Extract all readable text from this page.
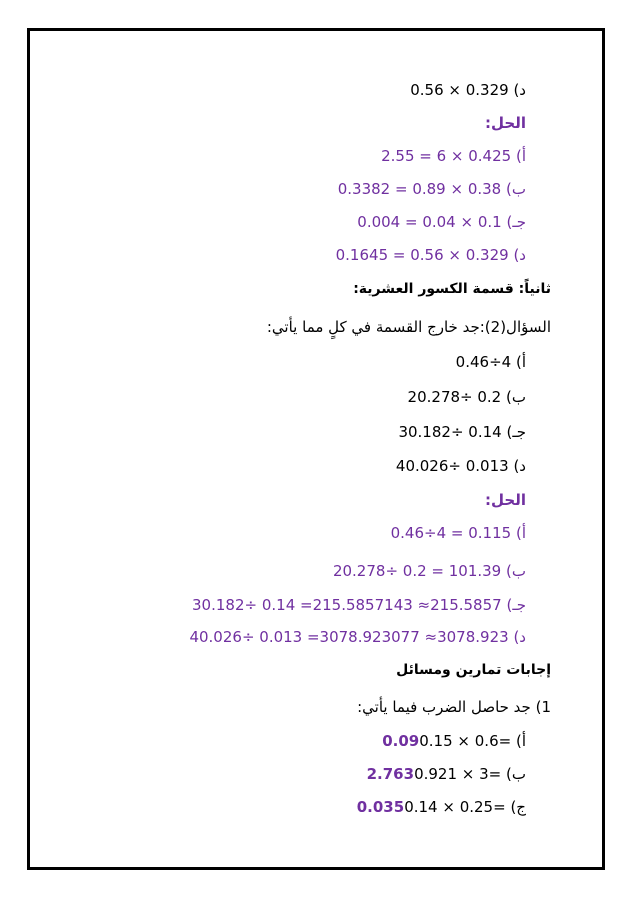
د) 0.56 × 0.329
الحل:
أ) 2.55 = 6 × 0.425
ب) 0.3382 = 0.89 × 0.38
جـ) 0.004 = 0.04 × 0.1
د) 0.1645 = 0.56 × 0.329
ثانياً: قسمة الكسور العشرية:
السؤال(2):جد خارج القسمة في كلٍ مما يأتي:
أ) 0.46÷4
ب) 20.278÷ 0.2
جـ) 30.182÷ 0.14
د) 40.026÷ 0.013
الحل:
أ) 0.46÷4 = 0.115
ب) 20.278÷ 0.2 = 101.39
جـ) 30.182÷ 0.14 =215.5857143 ≈215.5857
د) 40.026÷ 0.013 =3078.923077 ≈3078.923
إجابات تمارين ومسائل
1) جد حاصل الضرب فيما يأتي:
أ) 0.090.15 × 0.6=
ب) 2.7630.921 × 3=
ج) 0.0350.14 × 0.25=
